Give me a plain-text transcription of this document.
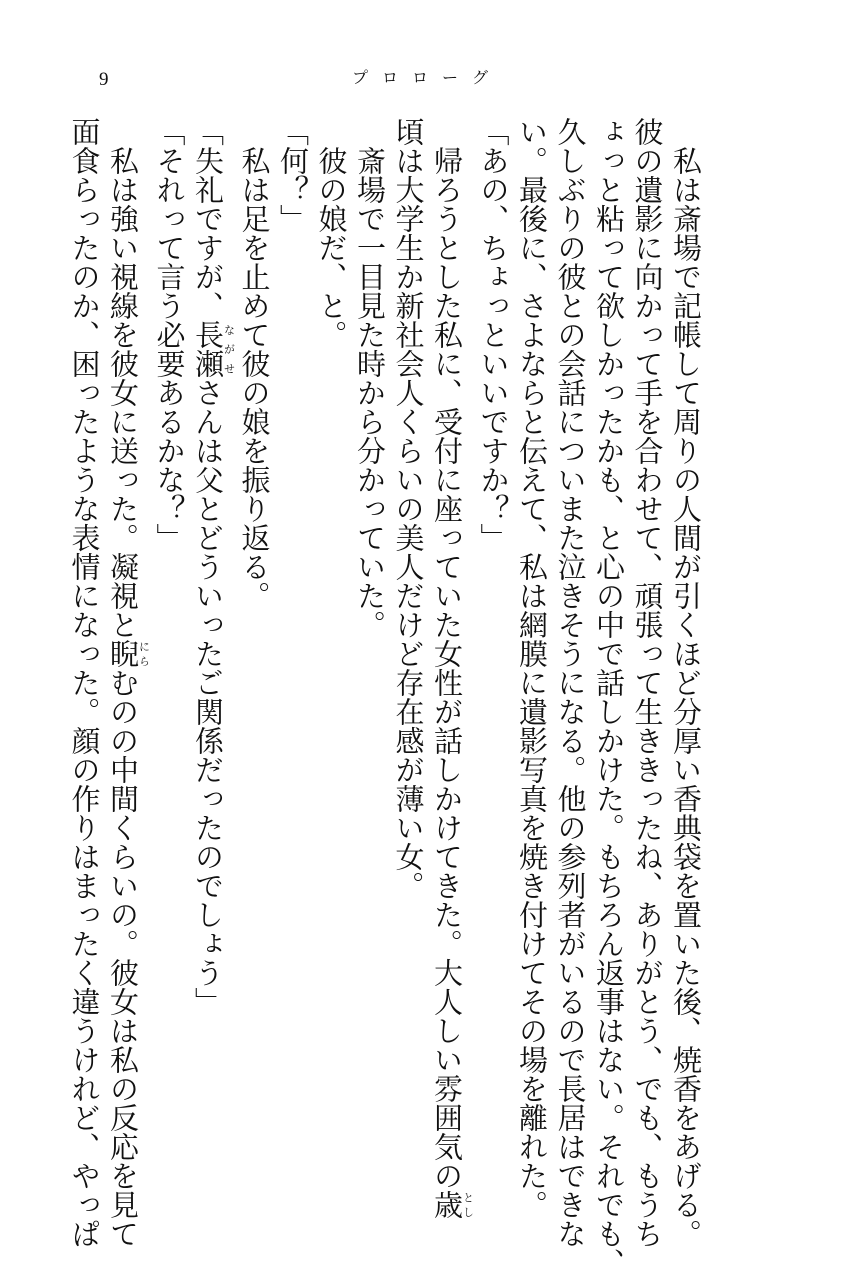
9	プロローグ
　私は斎場で記帳して周りの人間が引くほど分厚い香典袋を置いた後、焼香をあげる。
彼の遺影に向かって手を合わせて、頑張って生ききったね、ありがとう、でも、もうち
ょっと粘って欲しかったかも、と心の中で話しかけた。もちろん返事はない。それでも、
久しぶりの彼との会話についまた泣きそうになる。他の参列者がいるので長居はできな
い。最後に、さよならと伝えて、私は網膜に遺影写真を焼き付けてその場を離れた。
「あの、ちょっといいですか？」
　帰ろうとした私に、受付に座っていた女性が話しかけてきた。大人しい雰囲気の歳とし
頃は大学生か新社会人くらいの美人だけど存在感が薄い女。
　斎場で一目見た時から分かっていた。
　彼の娘だ、と。
「何？」
　私は足を止めて彼の娘を振り返る。
「失礼ですが、長瀬ながせさんは父とどういったご関係だったのでしょう」
「それって言う必要あるかな？」
　私は強い視線を彼女に送った。凝視と睨にらむのの中間くらいの。彼女は私の反応を見て
面食らったのか、困ったような表情になった。顔の作りはまったく違うけれど、やっぱ
